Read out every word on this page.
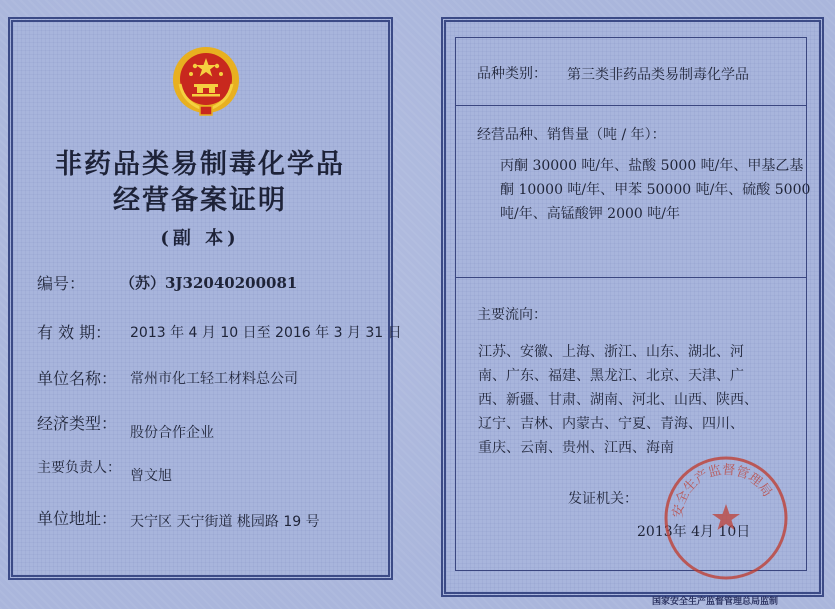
非药品类易制毒化学品
经营备案证明
(副 本)
编号： （苏）3J32040200081
有 效 期： 2013 年 4 月 10 日至 2016 年 3 月 31 日
单位名称： 常州市化工轻工材料总公司
经济类型： 股份合作企业
主要负责人： 曾文旭
单位地址： 天宁区 天宁街道 桃园路 19 号
品种类别： 第三类非药品类易制毒化学品
经营品种、销售量（吨 / 年）：
丙酮 30000 吨/年、盐酸 5000 吨/年、甲基乙基
酮 10000 吨/年、甲苯 50000 吨/年、硫酸 5000
吨/年、高锰酸钾 2000 吨/年
主要流向：
江苏、安徽、上海、浙江、山东、湖北、河
南、广东、福建、黑龙江、北京、天津、广
西、新疆、甘肃、湖南、河北、山西、陕西、
辽宁、吉林、内蒙古、宁夏、青海、四川、
重庆、云南、贵州、江西、海南
发证机关：
2013年 4月 10日
安全生产监督管理局
国家安全生产监督管理总局监制
